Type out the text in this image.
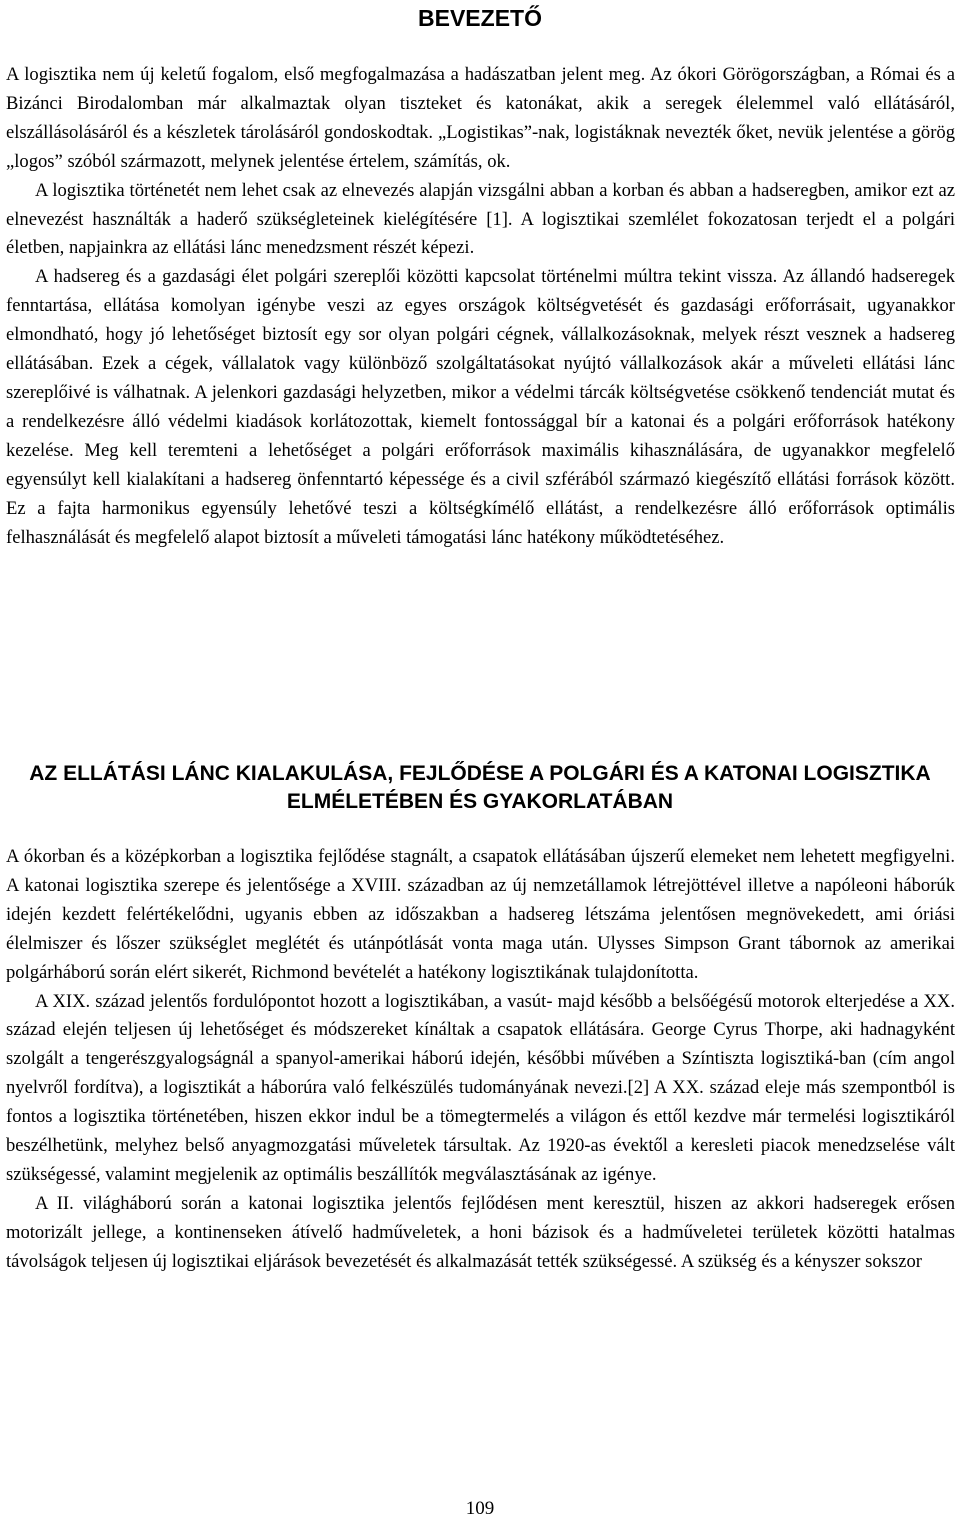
BEVEZETŐ

A logisztika nem új keletű fogalom, első megfogalmazása a hadászatban jelent meg. Az ókori Görögországban, a Római és a Bizánci Birodalomban már alkalmaztak olyan tiszteket és katonákat, akik a seregek élelemmel való ellátásáról, elszállásolásáról és a készletek tárolásáról gondoskodtak. „Logistikas”-nak, logistáknak nevezték őket, nevük jelentése a görög „logos” szóból származott, melynek jelentése értelem, számítás, ok.

A logisztika történetét nem lehet csak az elnevezés alapján vizsgálni abban a korban és abban a hadseregben, amikor ezt az elnevezést használták a haderő szükségleteinek kielégítésére [1]. A logisztikai szemlélet fokozatosan terjedt el a polgári életben, napjainkra az ellátási lánc menedzsment részét képezi.

A hadsereg és a gazdasági élet polgári szereplői közötti kapcsolat történelmi múltra tekint vissza. Az állandó hadseregek fenntartása, ellátása komolyan igénybe veszi az egyes országok költségvetését és gazdasági erőforrásait, ugyanakkor elmondható, hogy jó lehetőséget biztosít egy sor olyan polgári cégnek, vállalkozásoknak, melyek részt vesznek a hadsereg ellátásában. Ezek a cégek, vállalatok vagy különböző szolgáltatásokat nyújtó vállalkozások akár a műveleti ellátási lánc szereplőivé is válhatnak. A jelenkori gazdasági helyzetben, mikor a védelmi tárcák költségvetése csökkenő tendenciát mutat és a rendelkezésre álló védelmi kiadások korlátozottak, kiemelt fontossággal bír a katonai és a polgári erőforrások hatékony kezelése. Meg kell teremteni a lehetőséget a polgári erőforrások maximális kihasználására, de ugyanakkor megfelelő egyensúlyt kell kialakítani a hadsereg önfenntartó képessége és a civil szférából származó kiegészítő ellátási források között. Ez a fajta harmonikus egyensúly lehetővé teszi a költségkímélő ellátást, a rendelkezésre álló erőforrások optimális felhasználását és megfelelő alapot biztosít a műveleti támogatási lánc hatékony működtetéséhez.

AZ ELLÁTÁSI LÁNC KIALAKULÁSA, FEJLŐDÉSE A POLGÁRI ÉS A KATONAI LOGISZTIKA ELMÉLETÉBEN ÉS GYAKORLATÁBAN

A ókorban és a középkorban a logisztika fejlődése stagnált, a csapatok ellátásában újszerű elemeket nem lehetett megfigyelni. A katonai logisztika szerepe és jelentősége a XVIII. században az új nemzetállamok létrejöttével illetve a napóleoni háborúk idején kezdett felértékelődni, ugyanis ebben az időszakban a hadsereg létszáma jelentősen megnövekedett, ami óriási élelmiszer és lőszer szükséglet meglétét és utánpótlását vonta maga után. Ulysses Simpson Grant tábornok az amerikai polgárháború során elért sikerét, Richmond bevételét a hatékony logisztikának tulajdonította.

A XIX. század jelentős fordulópontot hozott a logisztikában, a vasút- majd később a belsőégésű motorok elterjedése a XX. század elején teljesen új lehetőséget és módszereket kínáltak a csapatok ellátására. George Cyrus Thorpe, aki hadnagyként szolgált a tengerészgyalogságnál a spanyol-amerikai háború idején, későbbi művében a Színtiszta logisztiká-ban (cím angol nyelvről fordítva), a logisztikát a háborúra való felkészülés tudományának nevezi.[2] A XX. század eleje más szempontból is fontos a logisztika történetében, hiszen ekkor indul be a tömegtermelés a világon és ettől kezdve már termelési logisztikáról beszélhetünk, melyhez belső anyagmozgatási műveletek társultak. Az 1920-as évektől a keresleti piacok menedzselése vált szükségessé, valamint megjelenik az optimális beszállítók megválasztásának az igénye.

A II. világháború során a katonai logisztika jelentős fejlődésen ment keresztül, hiszen az akkori hadseregek erősen motorizált jellege, a kontinenseken átívelő hadműveletek, a honi bázisok és a hadműveletei területek közötti hatalmas távolságok teljesen új logisztikai eljárások bevezetését és alkalmazását tették szükségessé. A szükség és a kényszer sokszor

109
